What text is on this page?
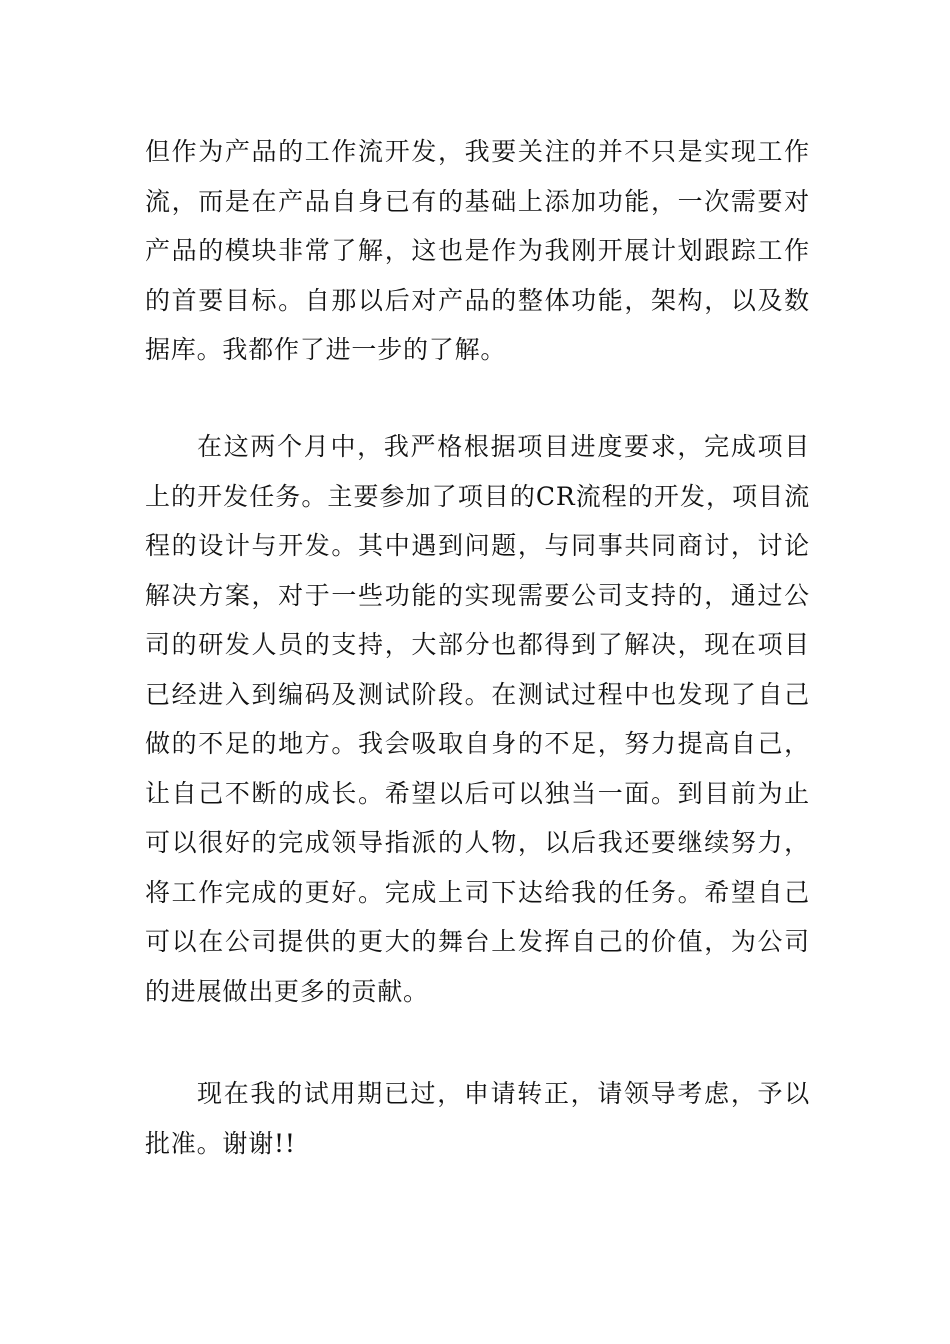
但作为产品的工作流开发，我要关注的并不只是实现工作
流，而是在产品自身已有的基础上添加功能，一次需要对
产品的模块非常了解，这也是作为我刚开展计划跟踪工作
的首要目标。自那以后对产品的整体功能，架构，以及数
据库。我都作了进一步的了解。
在这两个月中，我严格根据项目进度要求，完成项目
上的开发任务。主要参加了项目的CR流程的开发，项目流
程的设计与开发。其中遇到问题，与同事共同商讨，讨论
解决方案，对于一些功能的实现需要公司支持的，通过公
司的研发人员的支持，大部分也都得到了解决，现在项目
已经进入到编码及测试阶段。在测试过程中也发现了自己
做的不足的地方。我会吸取自身的不足，努力提高自己，
让自己不断的成长。希望以后可以独当一面。到目前为止
可以很好的完成领导指派的人物，以后我还要继续努力，
将工作完成的更好。完成上司下达给我的任务。希望自己
可以在公司提供的更大的舞台上发挥自己的价值，为公司
的进展做出更多的贡献。
现在我的试用期已过，申请转正，请领导考虑，予以
批准。谢谢!!
